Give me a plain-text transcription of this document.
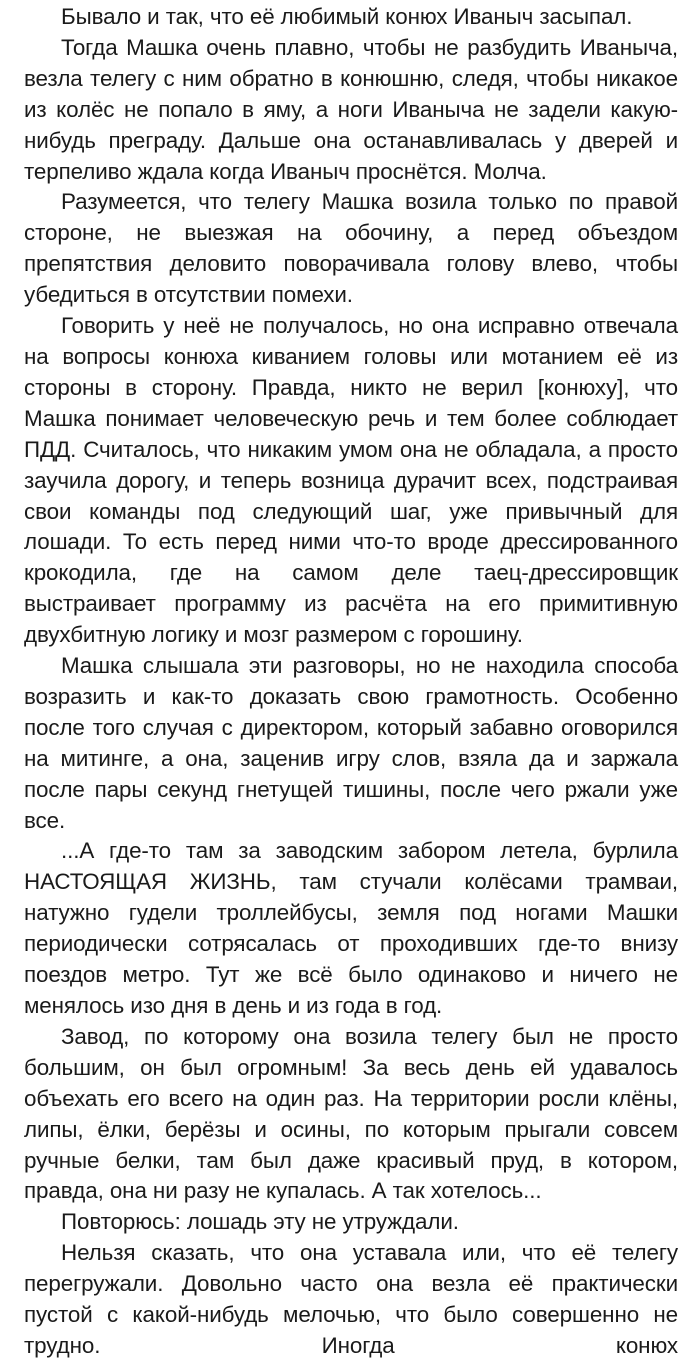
Бывало и так, что её любимый конюх Иваныч засыпал.

Тогда Машка очень плавно, чтобы не разбудить Иваныча, везла телегу с ним обратно в конюшню, следя, чтобы никакое из колёс не попало в яму, а ноги Иваныча не задели какую-нибудь преграду. Дальше она останавливалась у дверей и терпеливо ждала когда Иваныч проснётся. Молча.

Разумеется, что телегу Машка возила только по правой стороне, не выезжая на обочину, а перед объездом препятствия деловито поворачивала голову влево, чтобы убедиться в отсутствии помехи.

Говорить у неё не получалось, но она исправно отвечала на вопросы конюха киванием головы или мотанием её из стороны в сторону. Правда, никто не верил [конюху], что Машка понимает человеческую речь и тем более соблюдает ПДД. Считалось, что никаким умом она не обладала, а просто заучила дорогу, и теперь возница дурачит всех, подстраивая свои команды под следующий шаг, уже привычный для лошади. То есть перед ними что-то вроде дрессированного крокодила, где на самом деле таец-дрессировщик выстраивает программу из расчёта на его примитивную двухбитную логику и мозг размером с горошину.

Машка слышала эти разговоры, но не находила способа возразить и как-то доказать свою грамотность. Особенно после того случая с директором, который забавно оговорился на митинге, а она, заценив игру слов, взяла да и заржала после пары секунд гнетущей тишины, после чего ржали уже все.

...А где-то там за заводским забором летела, бурлила НАСТОЯЩАЯ ЖИЗНЬ, там стучали колёсами трамваи, натужно гудели троллейбусы, земля под ногами Машки периодически сотрясалась от проходивших где-то внизу поездов метро. Тут же всё было одинаково и ничего не менялось изо дня в день и из года в год.

Завод, по которому она возила телегу был не просто большим, он был огромным! За весь день ей удавалось объехать его всего на один раз. На территории росли клёны, липы, ёлки, берёзы и осины, по которым прыгали совсем ручные белки, там был даже красивый пруд, в котором, правда, она ни разу не купалась. А так хотелось...

Повторюсь: лошадь эту не утруждали.

Нельзя сказать, что она уставала или, что её телегу перегружали. Довольно часто она везла её практически пустой с какой-нибудь мелочью, что было совершенно не трудно. Иногда конюх
